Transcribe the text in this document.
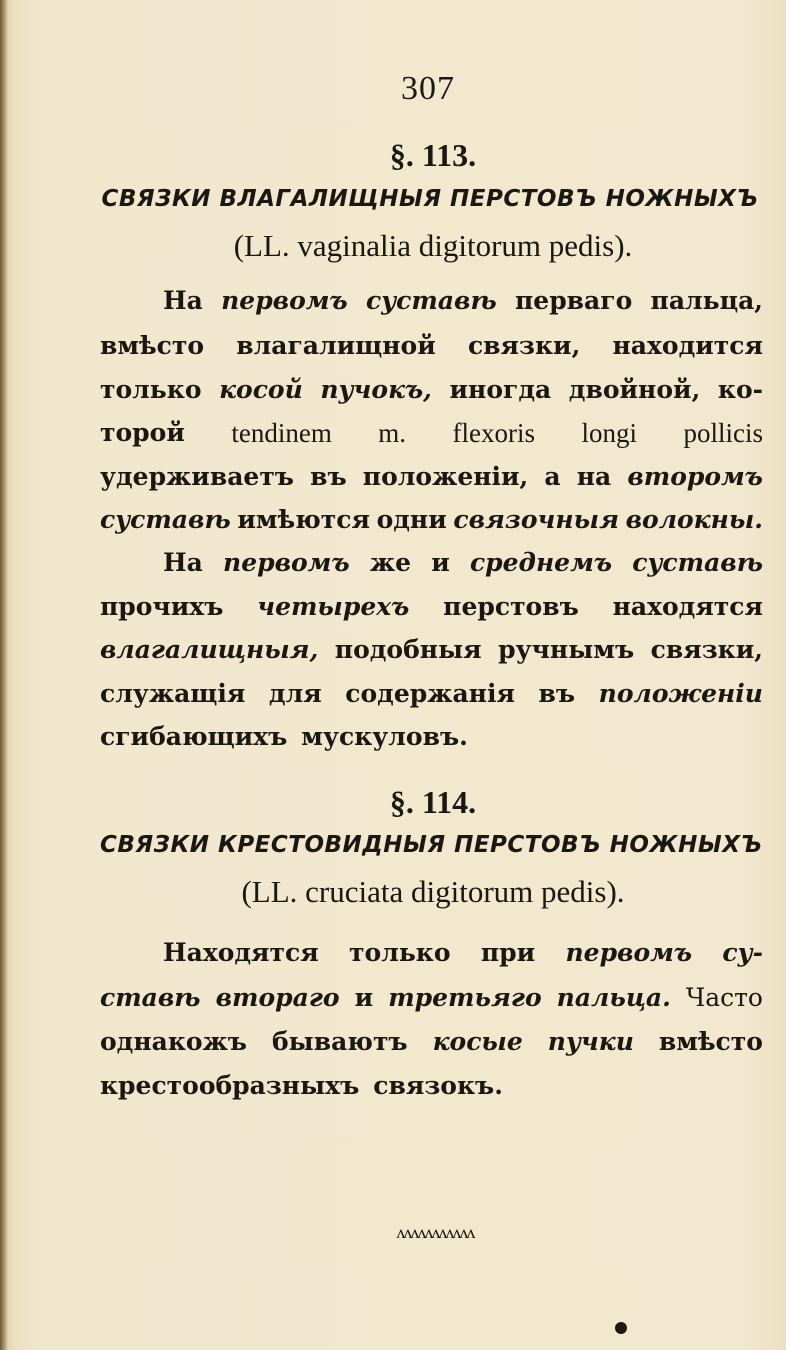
307
§. 113.
СВЯЗКИ ВЛАГАЛИЩНЫЯ ПЕРСТОВЪ НОЖНЫХЪ
(LL. vaginalia digitorum pedis).
На первомъ суставѣ перваго пальца,
вмѣсто влагалищной связки, находится
только косой пучокъ, иногда двойной, ко-
торой tendinem m. flexoris longi pollicis
удерживаетъ въ положеніи, а на второмъ
суставѣ имѣются одни связочныя волокны.
На первомъ же и среднемъ суставѣ
прочихъ четырехъ перстовъ находятся
влагалищныя, подобныя ручнымъ связки,
служащія для содержанія въ положеніи
сгибающихъ мускуловъ.
§. 114.
СВЯЗКИ КРЕСТОВИДНЫЯ ПЕРСТОВЪ НОЖНЫХЪ
(LL. cruciata digitorum pedis).
Находятся только при первомъ су-
ставѣ втораго и третьяго пальца. Часто
однакожъ бываютъ косые пучки вмѣсто
крестообразныхъ связокъ.
ᴧᴧᴧᴧᴧᴧᴧᴧᴧᴧᴧ
